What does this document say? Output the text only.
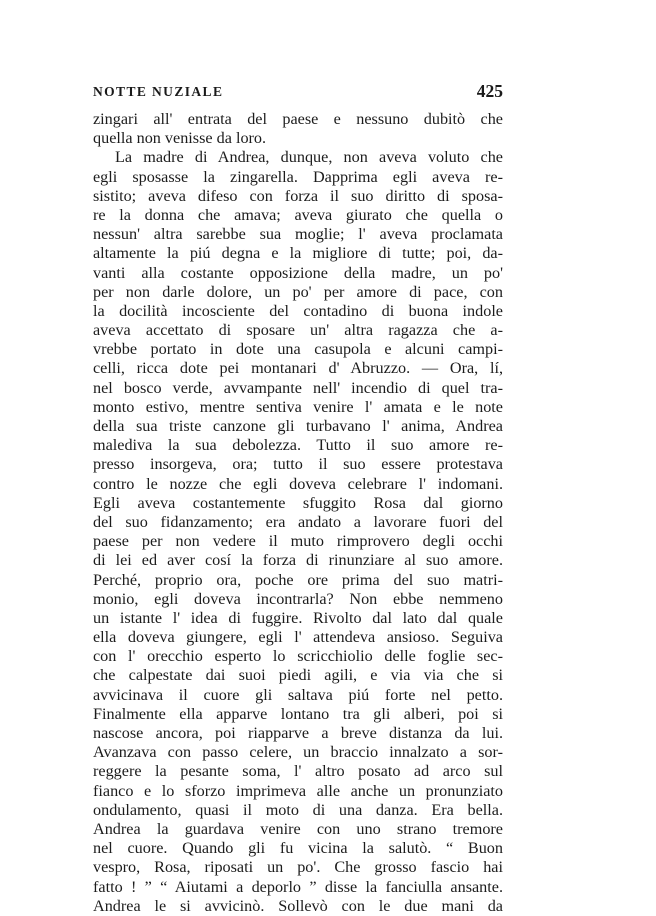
NOTTE NUZIALE	425
zingari all' entrata del paese e nessuno dubitò che
quella non venisse da loro.
La madre di Andrea, dunque, non aveva voluto che
egli sposasse la zingarella. Dapprima egli aveva re-
sistito; aveva difeso con forza il suo diritto di sposa-
re la donna che amava; aveva giurato che quella o
nessun' altra sarebbe sua moglie; l' aveva proclamata
altamente la piú degna e la migliore di tutte; poi, da-
vanti alla costante opposizione della madre, un po'
per non darle dolore, un po' per amore di pace, con
la docilità incosciente del contadino di buona indole
aveva accettato di sposare un' altra ragazza che a-
vrebbe portato in dote una casupola e alcuni campi-
celli, ricca dote pei montanari d' Abruzzo. — Ora, lí,
nel bosco verde, avvampante nell' incendio di quel tra-
monto estivo, mentre sentiva venire l' amata e le note
della sua triste canzone gli turbavano l' anima, Andrea
malediva la sua debolezza. Tutto il suo amore re-
presso insorgeva, ora; tutto il suo essere protestava
contro le nozze che egli doveva celebrare l' indomani.
Egli aveva costantemente sfuggito Rosa dal giorno
del suo fidanzamento; era andato a lavorare fuori del
paese per non vedere il muto rimprovero degli occhi
di lei ed aver cosí la forza di rinunziare al suo amore.
Perché, proprio ora, poche ore prima del suo matri-
monio, egli doveva incontrarla? Non ebbe nemmeno
un istante l' idea di fuggire. Rivolto dal lato dal quale
ella doveva giungere, egli l' attendeva ansioso. Seguiva
con l' orecchio esperto lo scricchiolio delle foglie sec-
che calpestate dai suoi piedi agili, e via via che si
avvicinava il cuore gli saltava piú forte nel petto.
Finalmente ella apparve lontano tra gli alberi, poi si
nascose ancora, poi riapparve a breve distanza da lui.
Avanzava con passo celere, un braccio innalzato a sor-
reggere la pesante soma, l' altro posato ad arco sul
fianco e lo sforzo imprimeva alle anche un pronunziato
ondulamento, quasi il moto di una danza. Era bella.
Andrea la guardava venire con uno strano tremore
nel cuore. Quando gli fu vicina la salutò. “ Buon
vespro, Rosa, riposati un po'. Che grosso fascio hai
fatto ! ” “ Aiutami a deporlo ” disse la fanciulla ansante.
Andrea le si avvicinò. Sollevò con le due mani da
